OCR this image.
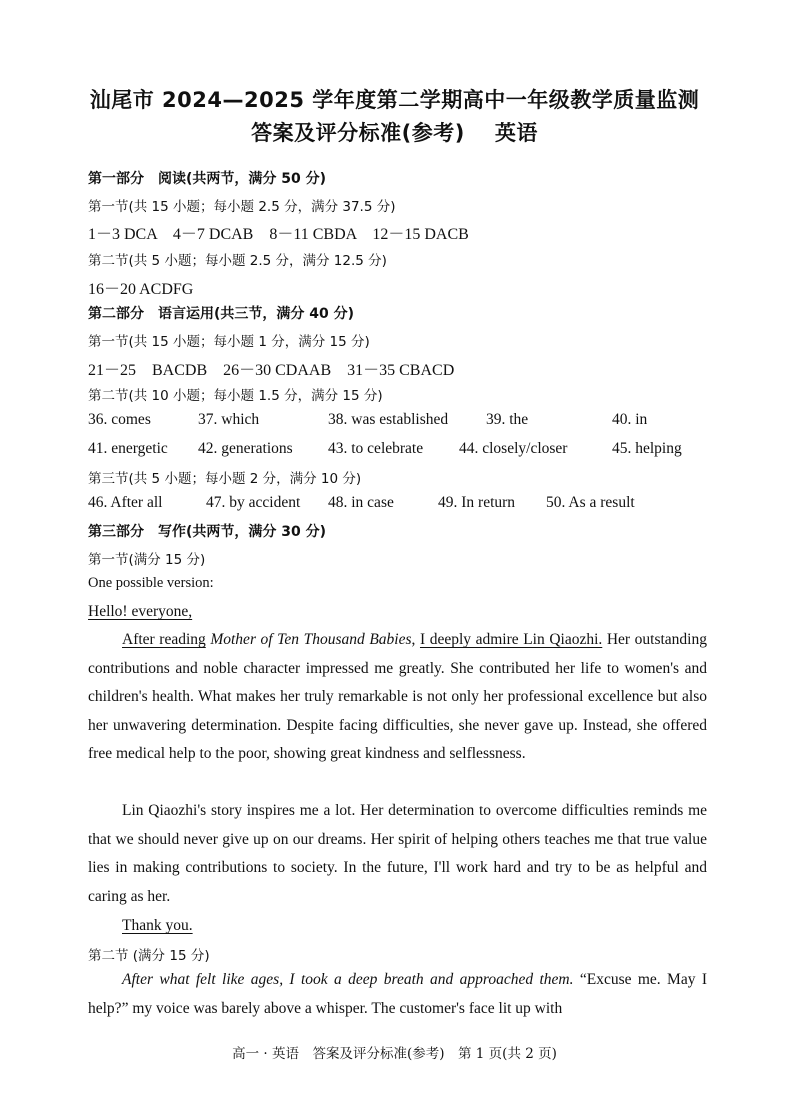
汕尾市 2024—2025 学年度第二学期高中一年级教学质量监测
答案及评分标准(参考) 英语
第一部分　阅读(共两节，满分 50 分)
第一节(共 15 小题；每小题 2.5 分，满分 37.5 分)
1－3 DCA　4－7 DCAB　8－11 CBDA　12－15 DACB
第二节(共 5 小题；每小题 2.5 分，满分 12.5 分)
16－20 ACDFG
第二部分　语言运用(共三节，满分 40 分)
第一节(共 15 小题；每小题 1 分，满分 15 分)
21－25　BACDB　26－30 CDAAB　31－35 CBACD
第二节(共 10 小题；每小题 1.5 分，满分 15 分)
36. comes	37. which	38. was established 39. the	40. in
41. energetic 42. generations 43. to celebrate 44. closely/closer	45. helping
第三节(共 5 小题；每小题 2 分，满分 10 分)
46. After all	47. by accident 48. in case	49. In return 50. As a result
第三部分　写作(共两节，满分 30 分)
第一节(满分 15 分)
One possible version:
Hello! everyone,

After reading Mother of Ten Thousand Babies, I deeply admire Lin Qiaozhi. Her outstanding contributions and noble character impressed me greatly. She contributed her life to women's and children's health. What makes her truly remarkable is not only her professional excellence but also her unwavering determination. Despite facing difficulties, she never gave up. Instead, she offered free medical help to the poor, showing great kindness and selflessness.

Lin Qiaozhi's story inspires me a lot. Her determination to overcome difficulties reminds me that we should never give up on our dreams. Her spirit of helping others teaches me that true value lies in making contributions to society. In the future, I'll work hard and try to be as helpful and caring as her.

Thank you.
第二节 (满分 15 分)

After what felt like ages, I took a deep breath and approached them. “Excuse me. May I help?” my voice was barely above a whisper. The customer's face lit up with

高一 · 英语　答案及评分标准(参考)　第 1 页(共 2 页)
